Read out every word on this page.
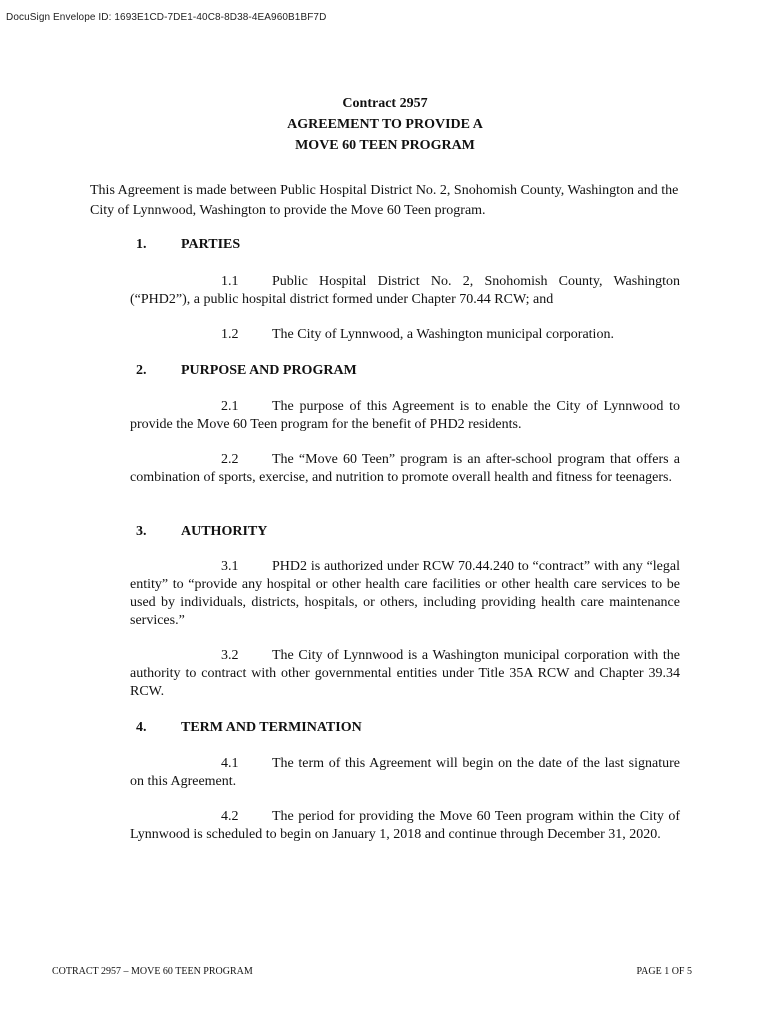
DocuSign Envelope ID: 1693E1CD-7DE1-40C8-8D38-4EA960B1BF7D
Contract 2957
AGREEMENT TO PROVIDE A
MOVE 60 TEEN PROGRAM
This Agreement is made between Public Hospital District No. 2, Snohomish County, Washington and the City of Lynnwood, Washington to provide the Move 60 Teen program.
1. PARTIES
1.1 Public Hospital District No. 2, Snohomish County, Washington (“PHD2”), a public hospital district formed under Chapter 70.44 RCW; and
1.2 The City of Lynnwood, a Washington municipal corporation.
2. PURPOSE AND PROGRAM
2.1 The purpose of this Agreement is to enable the City of Lynnwood to provide the Move 60 Teen program for the benefit of PHD2 residents.
2.2 The “Move 60 Teen” program is an after-school program that offers a combination of sports, exercise, and nutrition to promote overall health and fitness for teenagers.
3. AUTHORITY
3.1 PHD2 is authorized under RCW 70.44.240 to “contract” with any “legal entity” to “provide any hospital or other health care facilities or other health care services to be used by individuals, districts, hospitals, or others, including providing health care maintenance services.”
3.2 The City of Lynnwood is a Washington municipal corporation with the authority to contract with other governmental entities under Title 35A RCW and Chapter 39.34 RCW.
4. TERM AND TERMINATION
4.1 The term of this Agreement will begin on the date of the last signature on this Agreement.
4.2 The period for providing the Move 60 Teen program within the City of Lynnwood is scheduled to begin on January 1, 2018 and continue through December 31, 2020.
COTRACT 2957 – MOVE 60 TEEN PROGRAM	PAGE 1 OF 5
